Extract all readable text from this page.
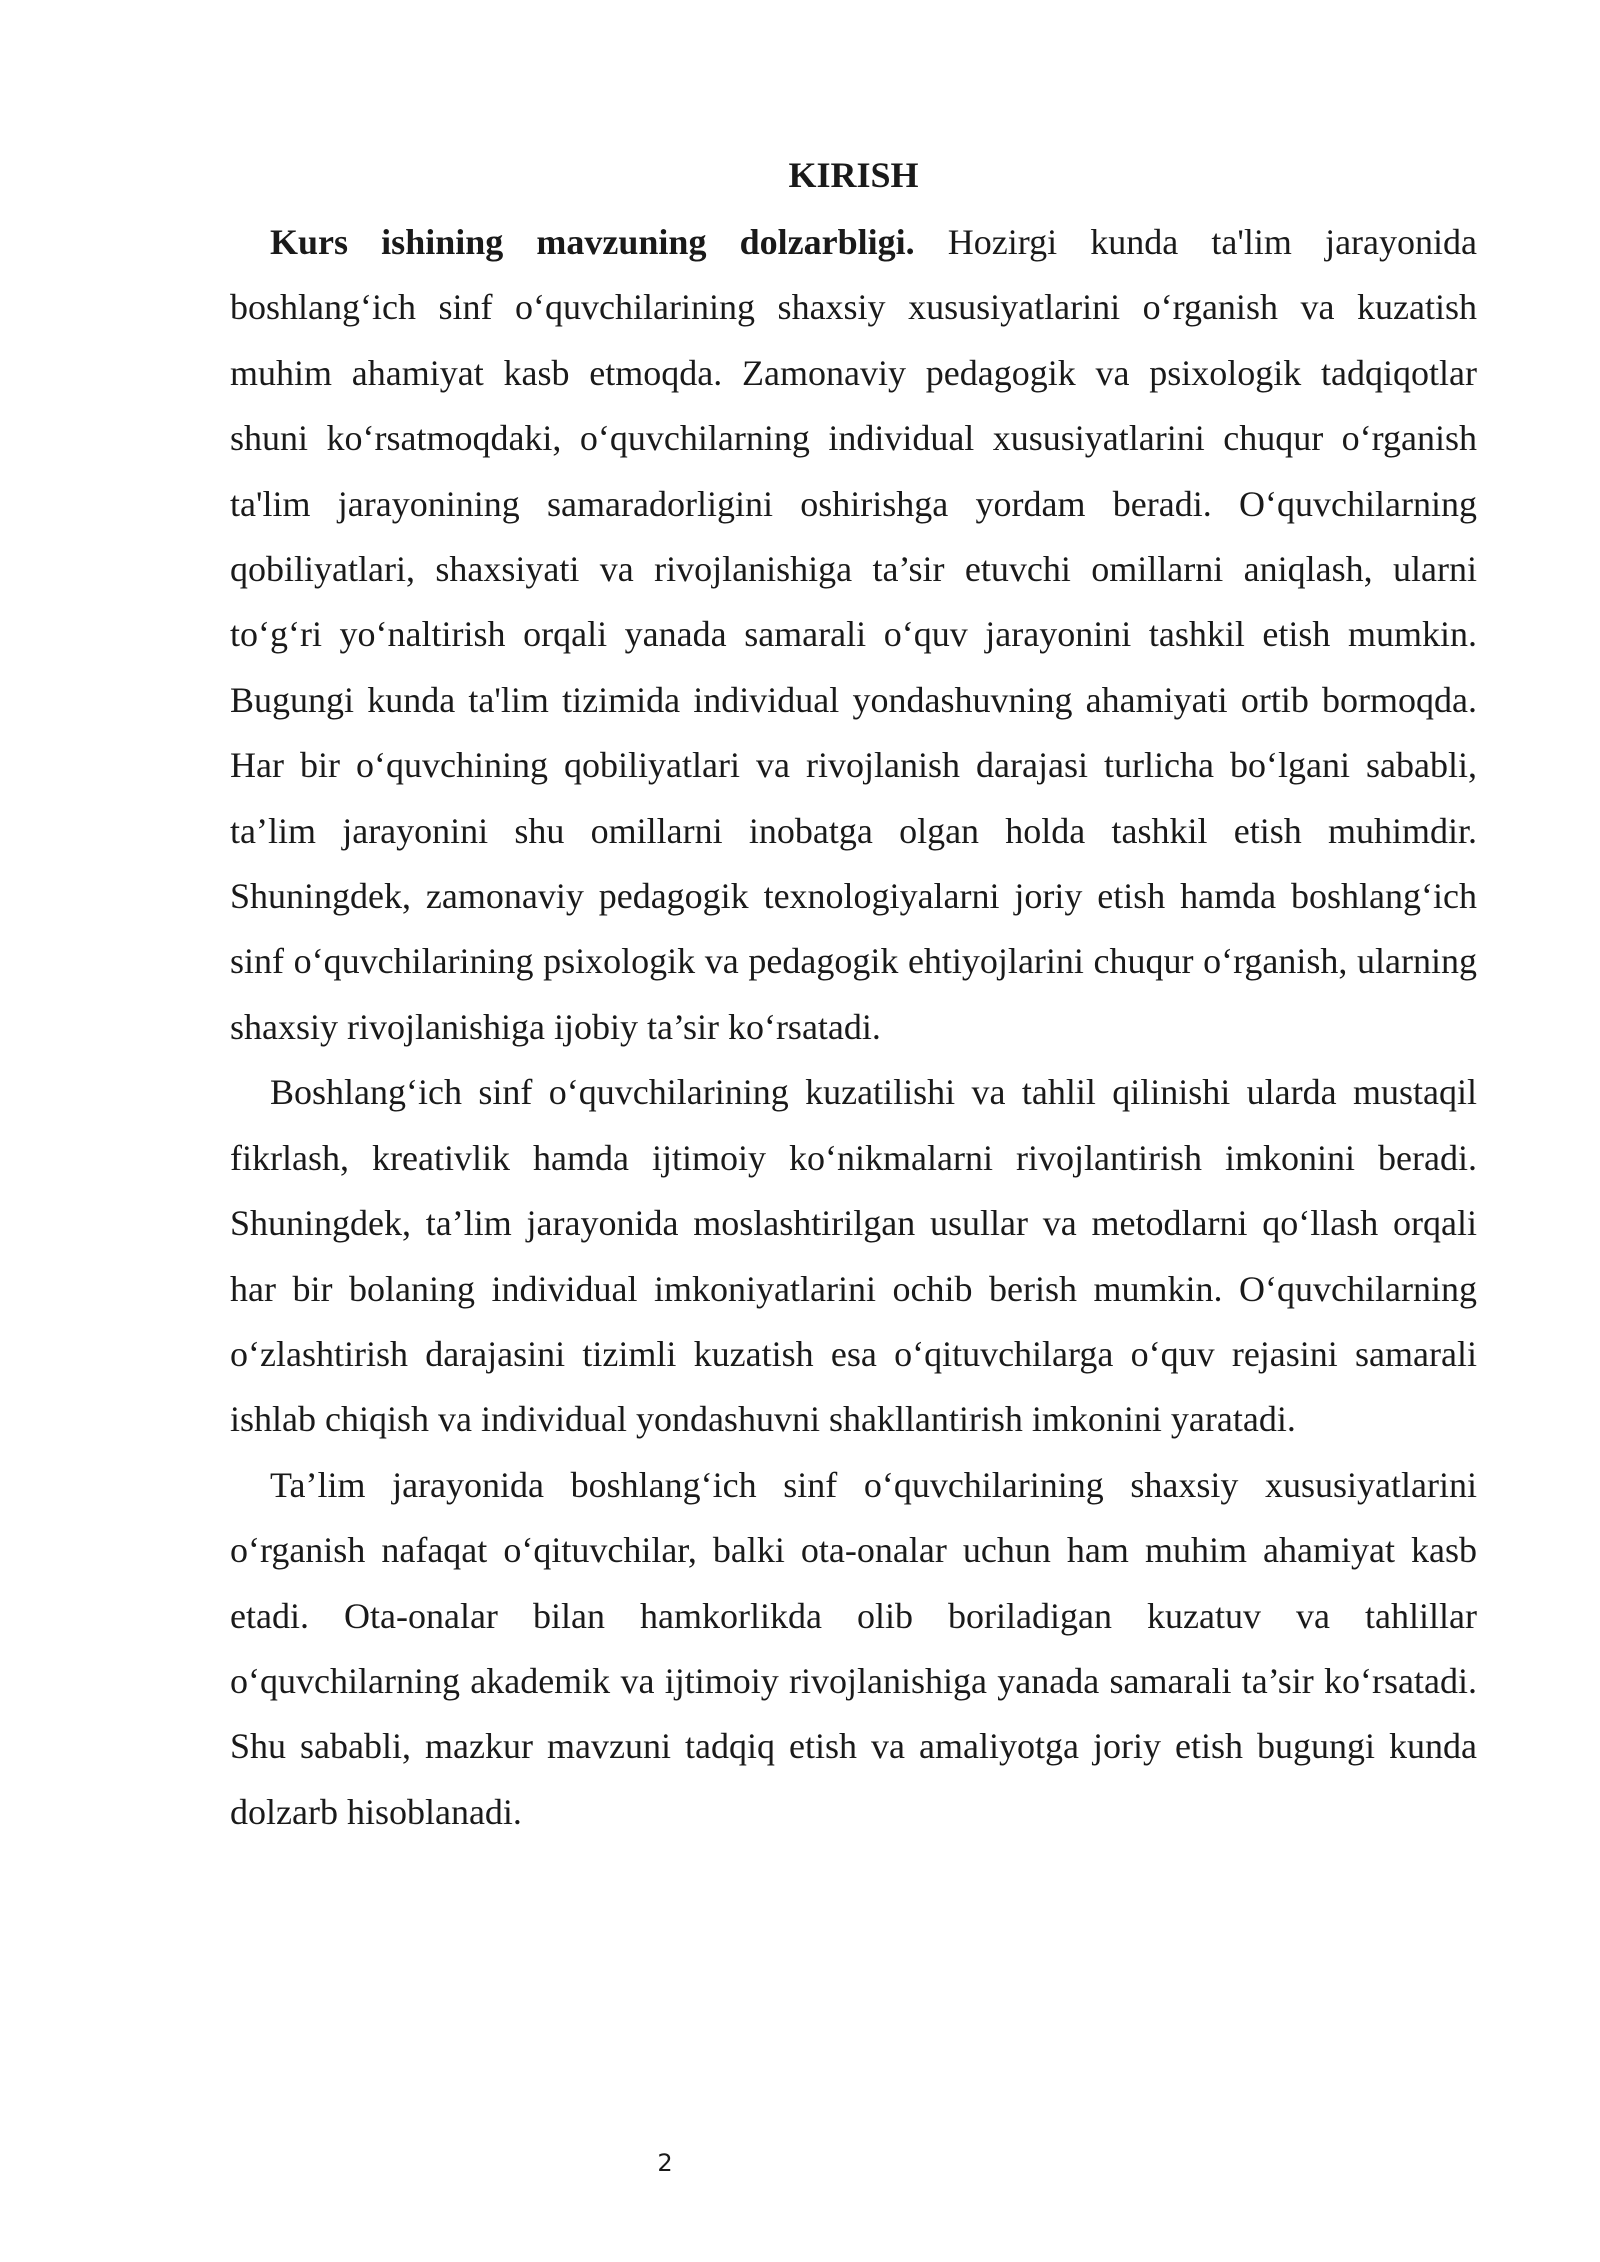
KIRISH

Kurs ishining mavzuning dolzarbligi. Hozirgi kunda ta'lim jarayonida boshlang‘ich sinf o‘quvchilarining shaxsiy xususiyatlarini o‘rganish va kuzatish muhim ahamiyat kasb etmoqda. Zamonaviy pedagogik va psixologik tadqiqotlar shuni ko‘rsatmoqdaki, o‘quvchilarning individual xususiyatlarini chuqur o‘rganish ta'lim jarayonining samaradorligini oshirishga yordam beradi. O‘quvchilarning qobiliyatlari, shaxsiyati va rivojlanishiga ta’sir etuvchi omillarni aniqlash, ularni to‘g‘ri yo‘naltirish orqali yanada samarali o‘quv jarayonini tashkil etish mumkin. Bugungi kunda ta'lim tizimida individual yondashuvning ahamiyati ortib bormoqda. Har bir o‘quvchining qobiliyatlari va rivojlanish darajasi turlicha bo‘lgani sababli, ta’lim jarayonini shu omillarni inobatga olgan holda tashkil etish muhimdir. Shuningdek, zamonaviy pedagogik texnologiyalarni joriy etish hamda boshlang‘ich sinf o‘quvchilarining psixologik va pedagogik ehtiyojlarini chuqur o‘rganish, ularning shaxsiy rivojlanishiga ijobiy ta’sir ko‘rsatadi.

Boshlang‘ich sinf o‘quvchilarining kuzatilishi va tahlil qilinishi ularda mustaqil fikrlash, kreativlik hamda ijtimoiy ko‘nikmalarni rivojlantirish imkonini beradi. Shuningdek, ta’lim jarayonida moslashtirilgan usullar va metodlarni qo‘llash orqali har bir bolaning individual imkoniyatlarini ochib berish mumkin. O‘quvchilarning o‘zlashtirish darajasini tizimli kuzatish esa o‘qituvchilarga o‘quv rejasini samarali ishlab chiqish va individual yondashuvni shakllantirish imkonini yaratadi.

Ta’lim jarayonida boshlang‘ich sinf o‘quvchilarining shaxsiy xususiyatlarini o‘rganish nafaqat o‘qituvchilar, balki ota-onalar uchun ham muhim ahamiyat kasb etadi. Ota-onalar bilan hamkorlikda olib boriladigan kuzatuv va tahlillar o‘quvchilarning akademik va ijtimoiy rivojlanishiga yanada samarali ta’sir ko‘rsatadi. Shu sababli, mazkur mavzuni tadqiq etish va amaliyotga joriy etish bugungi kunda dolzarb hisoblanadi.

2
